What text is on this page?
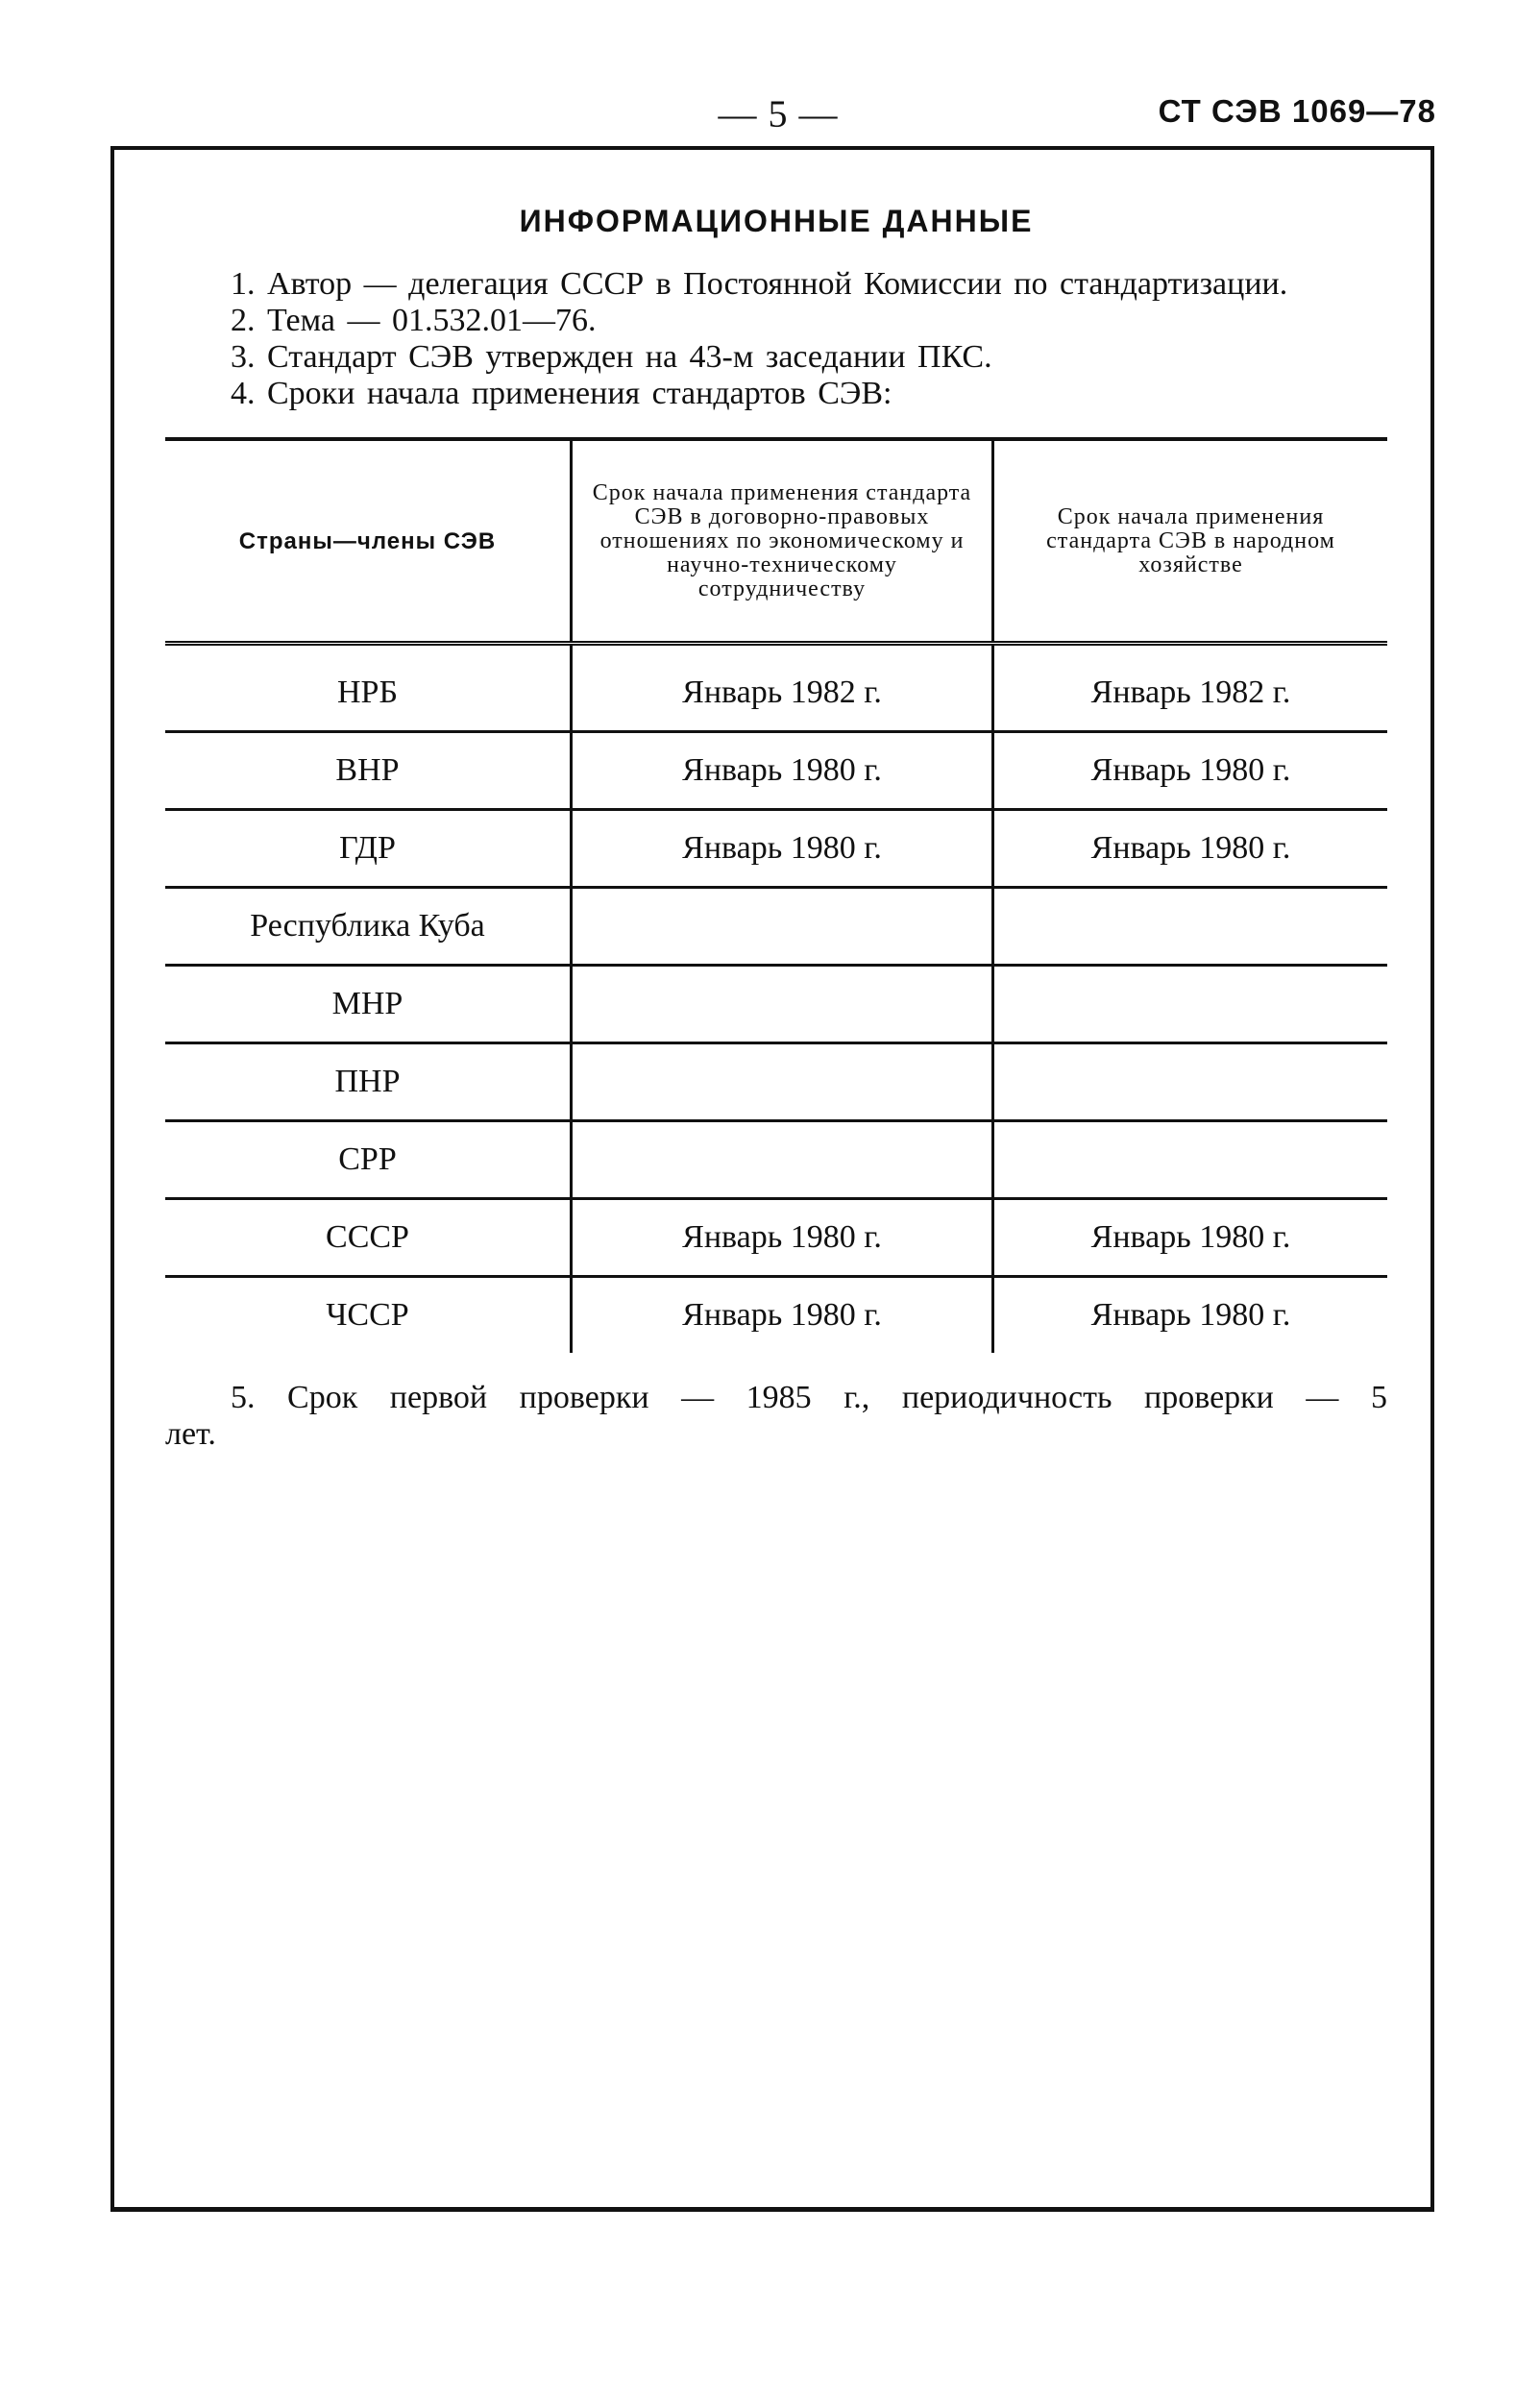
— 5 —	СТ СЭВ 1069—78
ИНФОРМАЦИОННЫЕ ДАННЫЕ

1. Автор — делегация СССР в Постоянной Комиссии по стандартизации.

2. Тема — 01.532.01—76.

3. Стандарт СЭВ утвержден на 43-м заседании ПКС.

4. Сроки начала применения стандартов СЭВ:

Страны—члены СЭВ	Срок начала применения стандарта СЭВ в договорно-правовых отношениях по экономическому и научно-техническому сотрудничеству	Срок начала применения стандарта СЭВ в народном хозяйстве
НРБ	Январь 1982 г.	Январь 1982 г.
ВНР	Январь 1980 г.	Январь 1980 г.
ГДР	Январь 1980 г.	Январь 1980 г.
Республика Куба		
МНР		
ПНР		
СРР		
СССР	Январь 1980 г.	Январь 1980 г.
ЧССР	Январь 1980 г.	Январь 1980 г.

5. Срок первой проверки — 1985 г., периодичность проверки — 5 лет.
